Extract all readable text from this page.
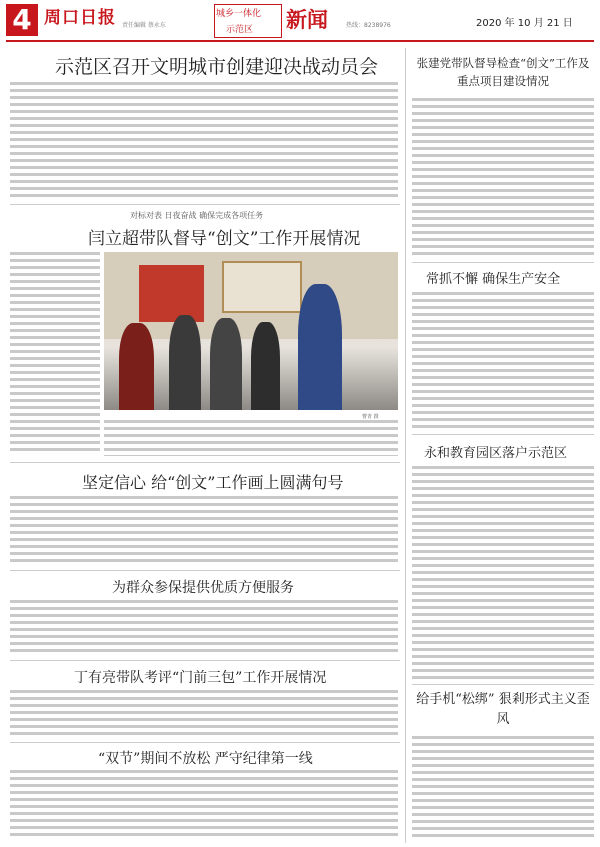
4 周口日报 责任编辑 蔡永东
城乡一体化
示范区 新闻	热线：8238976	2020 年 10 月 21 日
示范区召开文明城市创建迎决战动员会
对标对表 日夜奋战 确保完成各项任务
闫立超带队督导“创文”工作开展情况
曹青 摄
坚定信心 给“创文”工作画上圆满句号
为群众参保提供优质方便服务
丁有亮带队考评“门前三包”工作开展情况
“双节”期间不放松 严守纪律第一线
张建党带队督导检查“创文”工作及重点项目建设情况
常抓不懈 确保生产安全
永和教育园区落户示范区
给手机“松绑” 狠剎形式主义歪风
